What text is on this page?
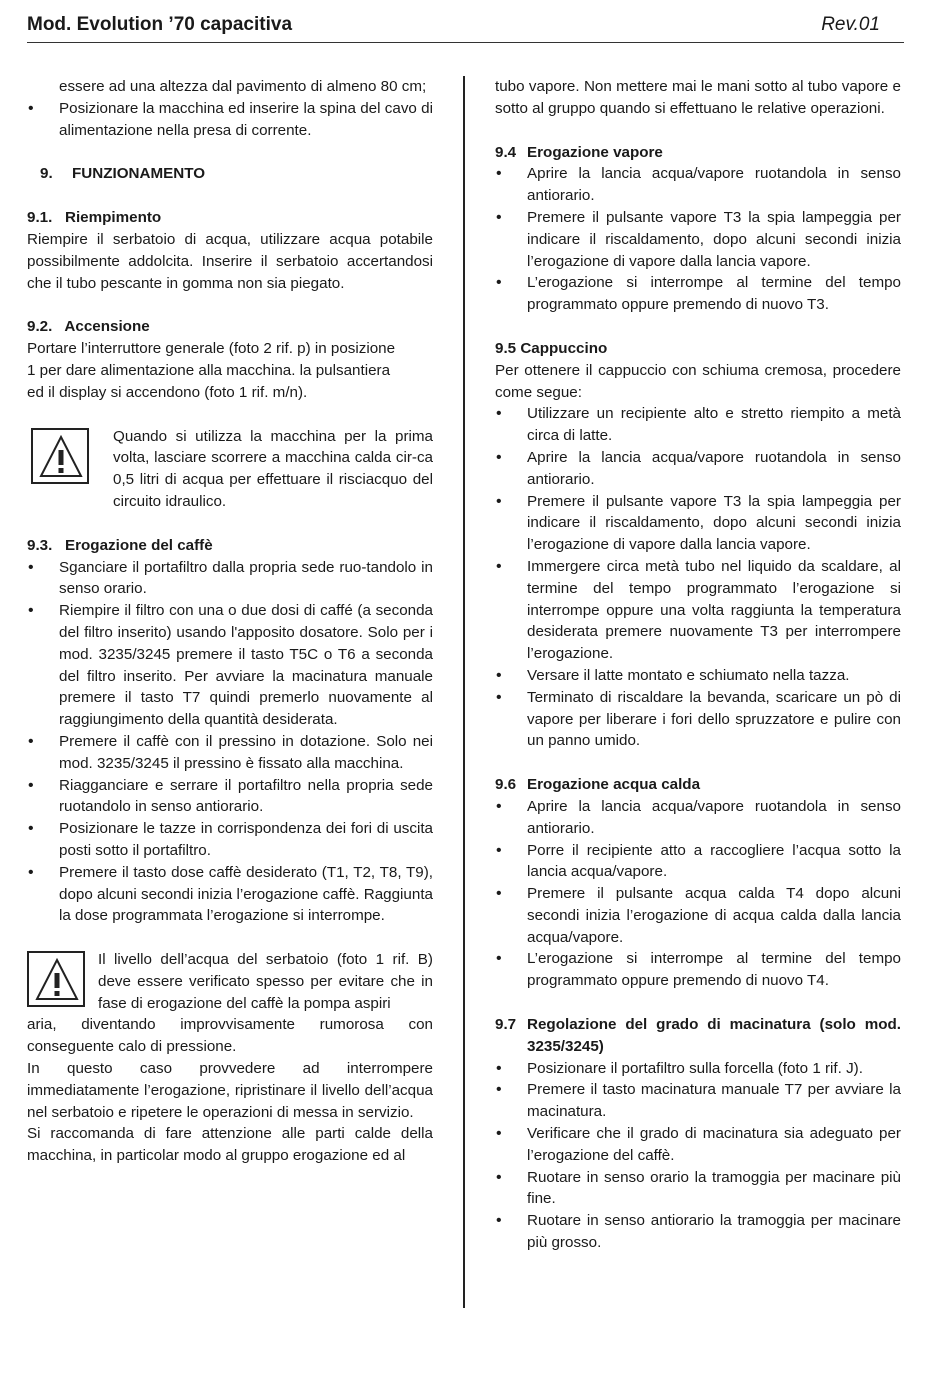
Mod. Evolution ’70 capacitiva	Rev.01

essere ad una altezza dal pavimento di almeno 80 cm;

• Posizionare la macchina ed inserire la spina del cavo di alimentazione nella presa di corrente.

9. FUNZIONAMENTO

9.1.   Riempimento

Riempire il serbatoio di acqua, utilizzare acqua potabile possibilmente addolcita. Inserire il serbatoio accertandosi che il tubo pescante in gomma non sia piegato.

9.2.   Accensione

Portare l’interruttore generale (foto 2 rif. p) in posizione

1 per dare alimentazione alla macchina. la pulsantiera

ed il display si accendono (foto 1 rif. m/n).

Quando si utilizza la macchina per la prima volta, lasciare scorrere a macchina calda cir-ca 0,5 litri di acqua per effettuare il risciacquo del circuito idraulico.

9.3.   Erogazione del caffè

• Sganciare il portafiltro dalla propria sede ruo-tandolo in senso orario.

• Riempire il filtro con una o due dosi di caffé (a seconda del filtro inserito) usando l'apposito dosatore. Solo per i mod. 3235/3245 premere il tasto T5C o T6 a seconda del filtro inserito. Per avviare la macinatura manuale premere il tasto T7 quindi premerlo nuovamente al raggiungimento della quantità desiderata.

• Premere il caffè con il pressino in dotazione. Solo nei mod. 3235/3245 il pressino è fissato alla macchina.

• Riagganciare e serrare il portafiltro nella propria sede ruotandolo in senso antiorario.

• Posizionare le tazze in corrispondenza dei fori di uscita posti sotto il portafiltro.

• Premere il tasto dose caffè desiderato (T1, T2, T8, T9), dopo alcuni secondi inizia l’erogazione caffè. Raggiunta la dose programmata l’erogazione si interrompe.

Il livello dell’acqua del serbatoio (foto 1 rif. B) deve essere verificato spesso per evitare che in fase di erogazione del caffè la pompa aspiri

aria, diventando improvvisamente rumorosa con conseguente calo di pressione.

In questo caso provvedere ad interrompere immediatamente l’erogazione, ripristinare il livello dell’acqua nel serbatoio e ripetere le operazioni di messa in servizio.

Si raccomanda di fare attenzione alle parti calde della macchina, in particolar modo al gruppo erogazione ed al

tubo vapore. Non mettere mai le mani sotto al tubo vapore e sotto al gruppo quando si effettuano le relative operazioni.

9.4 Erogazione vapore

• Aprire la lancia acqua/vapore ruotandola in senso antiorario.

• Premere il pulsante vapore T3 la spia lampeggia per indicare il riscaldamento, dopo alcuni secondi inizia l’erogazione di vapore dalla lancia vapore.

• L’erogazione si interrompe al termine del tempo programmato oppure premendo di nuovo T3.

9.5 Cappuccino

Per ottenere il cappuccio con schiuma cremosa, procedere come segue:

• Utilizzare un recipiente alto e stretto riempito a metà circa di latte.

• Aprire la lancia acqua/vapore ruotandola in senso antiorario.

• Premere il pulsante vapore T3 la spia lampeggia per indicare il riscaldamento, dopo alcuni secondi inizia l’erogazione di vapore dalla lancia vapore.

• Immergere circa metà tubo nel liquido da scaldare, al termine del tempo programmato l’erogazione si interrompe oppure una volta raggiunta la temperatura desiderata premere nuovamente T3 per interrompere l’erogazione.

• Versare il latte montato e schiumato nella tazza.

• Terminato di riscaldare la bevanda, scaricare un pò di vapore per liberare i fori dello spruzzatore e pulire con un panno umido.

9.6 Erogazione acqua calda

• Aprire la lancia acqua/vapore ruotandola in senso antiorario.

• Porre il recipiente atto a raccogliere l’acqua sotto la lancia acqua/vapore.

• Premere il pulsante acqua calda T4 dopo alcuni secondi inizia l’erogazione di acqua calda dalla lancia acqua/vapore.

• L’erogazione si interrompe al termine del tempo programmato oppure premendo di nuovo T4.

9.7 Regolazione del grado di macinatura (solo mod. 3235/3245)

• Posizionare il portafiltro sulla forcella (foto 1 rif. J).

• Premere il tasto macinatura manuale T7 per avviare la macinatura.

• Verificare che il grado di macinatura sia adeguato per l’erogazione del caffè.

• Ruotare in senso orario la tramoggia per macinare più fine.

• Ruotare in senso antiorario la tramoggia per macinare più grosso.
